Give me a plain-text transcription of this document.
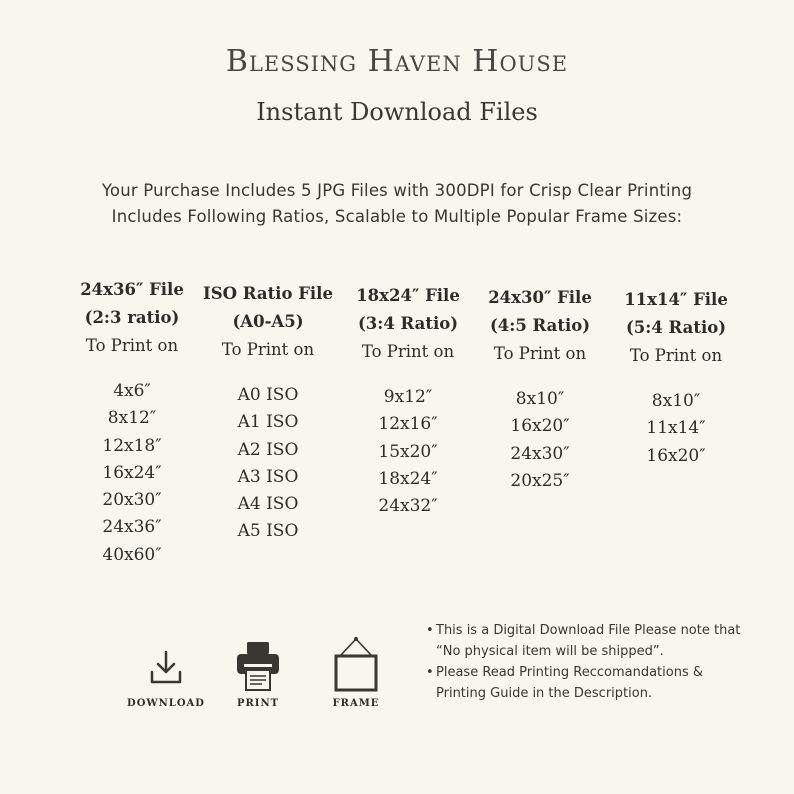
Blessing Haven House
Instant Download Files
Your Purchase Includes 5 JPG Files with 300DPI for Crisp Clear Printing
Includes Following Ratios, Scalable to Multiple Popular Frame Sizes:
24x36″ File
(2:3 ratio)
To Print on
4x6″
8x12″
12x18″
16x24″
20x30″
24x36″
40x60″
ISO Ratio File
(A0-A5)
To Print on
A0 ISO
A1 ISO
A2 ISO
A3 ISO
A4 ISO
A5 ISO
18x24″ File
(3:4 Ratio)
To Print on
9x12″
12x16″
15x20″
18x24″
24x32″
24x30″ File
(4:5 Ratio)
To Print on
8x10″
16x20″
24x30″
20x25″
11x14″ File
(5:4 Ratio)
To Print on
8x10″
11x14″
16x20″
DOWNLOAD	PRINT	FRAME
• This is a Digital Download File Please note that “No physical item will be shipped”.
• Please Read Printing Reccomandations & Printing Guide in the Description.
